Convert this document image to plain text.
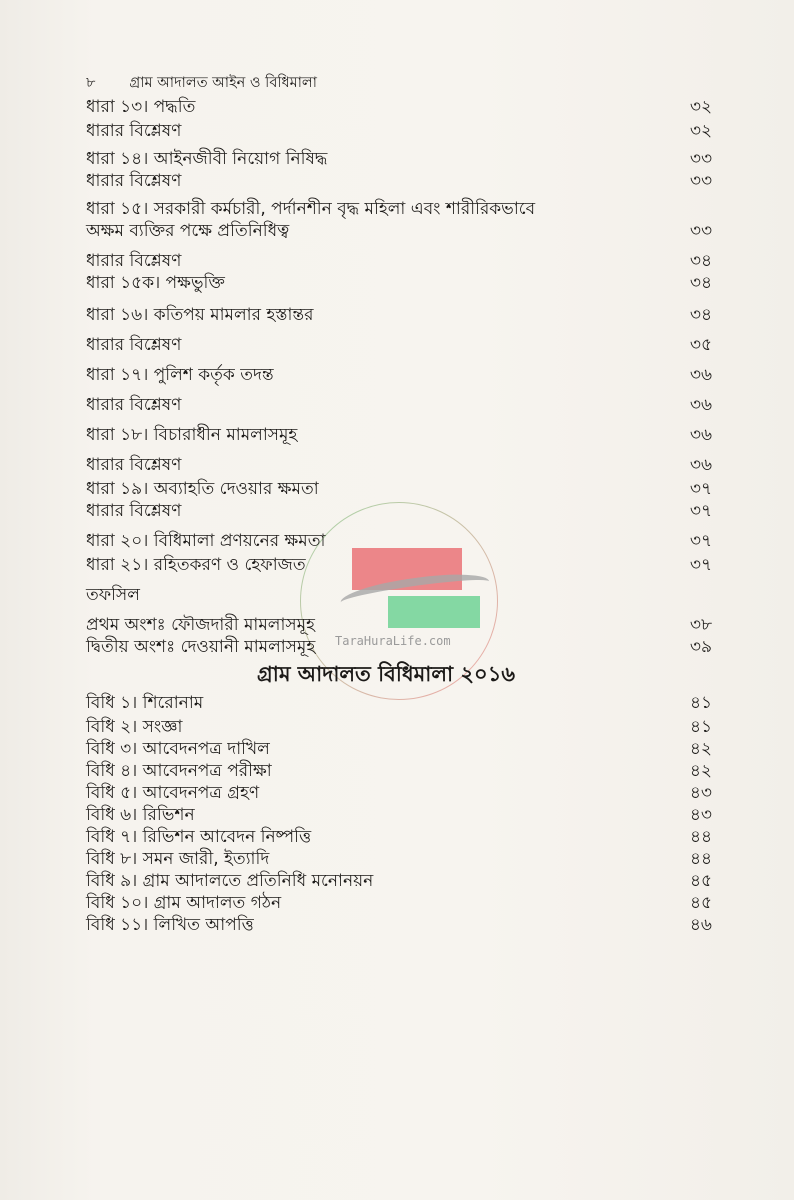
TaraHuraLife.com
৮ গ্রাম আদালত আইন ও বিধিমালা
ধারা ১৩। পদ্ধতি	৩২
ধারার বিশ্লেষণ	৩২
ধারা ১৪। আইনজীবী নিয়োগ নিষিদ্ধ	৩৩
ধারার বিশ্লেষণ	৩৩
ধারা ১৫। সরকারী কর্মচারী, পর্দানশীন বৃদ্ধ মহিলা এবং শারীরিকভাবে
অক্ষম ব্যক্তির পক্ষে প্রতিনিধিত্ব	৩৩
ধারার বিশ্লেষণ	৩৪
ধারা ১৫ক। পক্ষভুক্তি	৩৪
ধারা ১৬। কতিপয় মামলার হস্তান্তর	৩৪
ধারার বিশ্লেষণ	৩৫
ধারা ১৭। পুলিশ কর্তৃক তদন্ত	৩৬
ধারার বিশ্লেষণ	৩৬
ধারা ১৮। বিচারাধীন মামলাসমূহ	৩৬
ধারার বিশ্লেষণ	৩৬
ধারা ১৯। অব্যাহতি দেওয়ার ক্ষমতা	৩৭
ধারার বিশ্লেষণ	৩৭
ধারা ২০। বিধিমালা প্রণয়নের ক্ষমতা	৩৭
ধারা ২১। রহিতকরণ ও হেফাজত	৩৭
তফসিল
প্রথম অংশঃ ফৌজদারী মামলাসমূহ	৩৮
দ্বিতীয় অংশঃ দেওয়ানী মামলাসমূহ	৩৯
গ্রাম আদালত বিধিমালা ২০১৬
বিধি ১। শিরোনাম	৪১
বিধি ২। সংজ্ঞা	৪১
বিধি ৩। আবেদনপত্র দাখিল	৪২
বিধি ৪। আবেদনপত্র পরীক্ষা	৪২
বিধি ৫। আবেদনপত্র গ্রহণ	৪৩
বিধি ৬। রিভিশন	৪৩
বিধি ৭। রিভিশন আবেদন নিষ্পত্তি	৪৪
বিধি ৮। সমন জারী, ইত্যাদি	৪৪
বিধি ৯। গ্রাম আদালতে প্রতিনিধি মনোনয়ন	৪৫
বিধি ১০। গ্রাম আদালত গঠন	৪৫
বিধি ১১। লিখিত আপত্তি	৪৬
